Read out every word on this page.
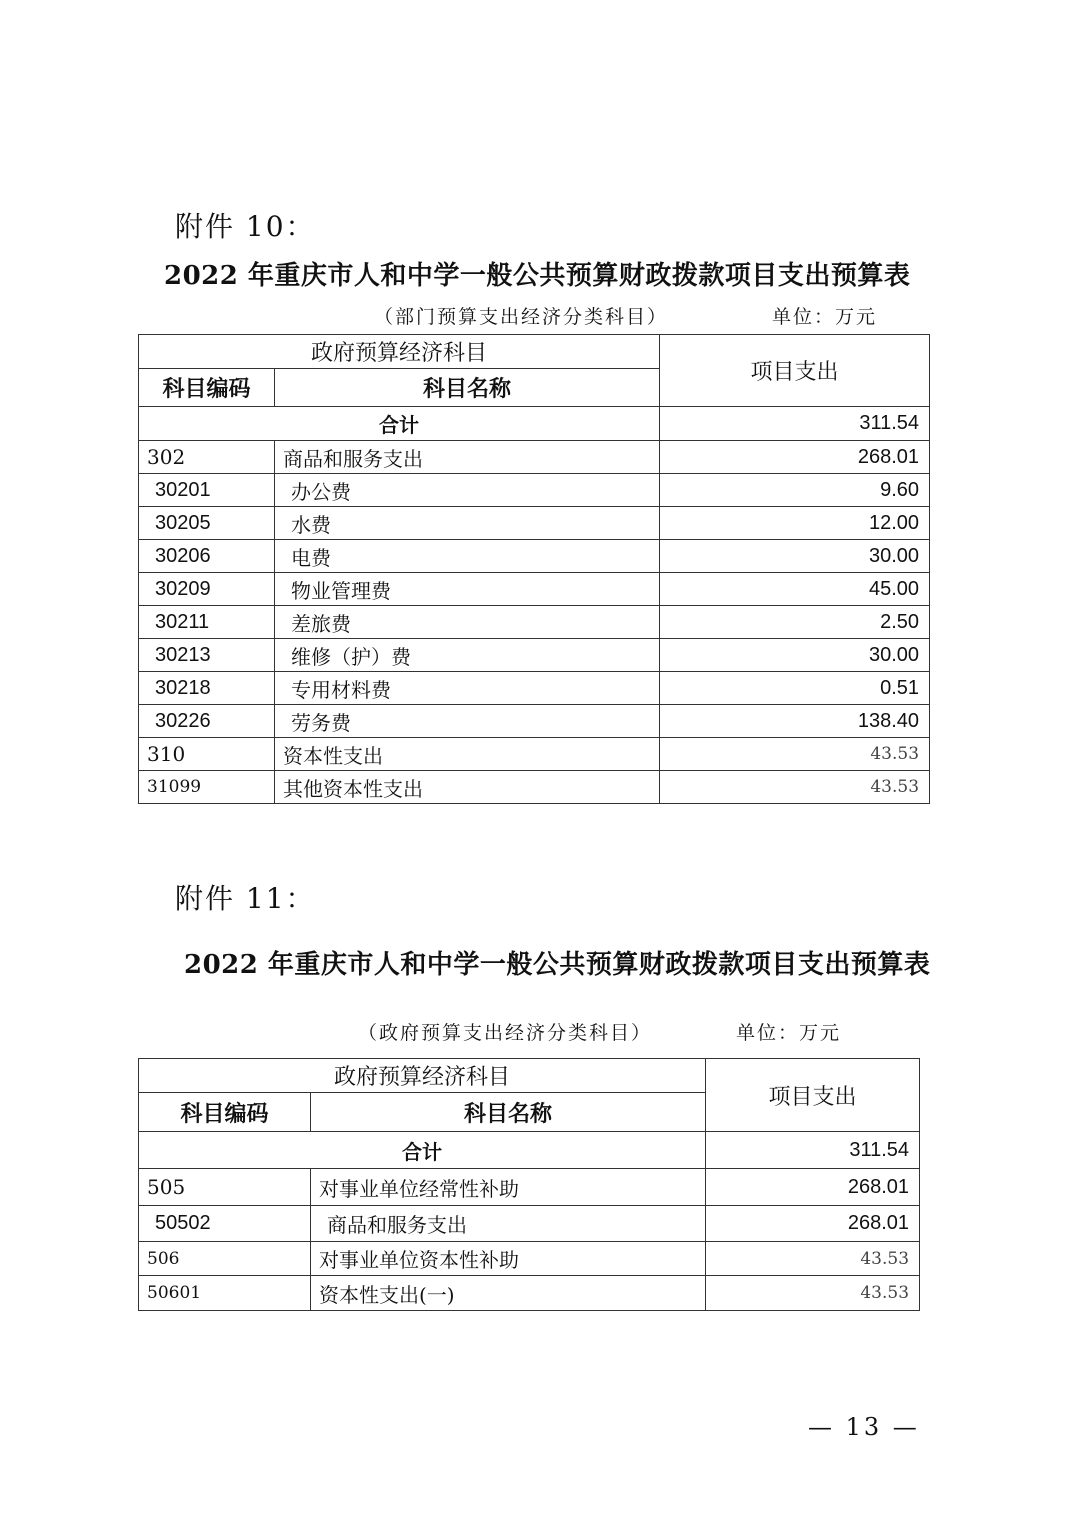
附件 10：
2022 年重庆市人和中学一般公共预算财政拨款项目支出预算表
（部门预算支出经济分类科目）	单位：万元
政府预算经济科目		项目支出
科目编码	科目名称	
合计		311.54
302	商品和服务支出	268.01
30201	办公费	9.60
30205	水费	12.00
30206	电费	30.00
30209	物业管理费	45.00
30211	差旅费	2.50
30213	维修（护）费	30.00
30218	专用材料费	0.51
30226	劳务费	138.40
310	资本性支出	43.53
31099	其他资本性支出	43.53
附件 11：
2022 年重庆市人和中学一般公共预算财政拨款项目支出预算表
（政府预算支出经济分类科目）	单位：万元
政府预算经济科目		项目支出
科目编码	科目名称	
合计		311.54
505	对事业单位经常性补助	268.01
50502	商品和服务支出	268.01
506	对事业单位资本性补助	43.53
50601	资本性支出(一)	43.53
— 13 —
